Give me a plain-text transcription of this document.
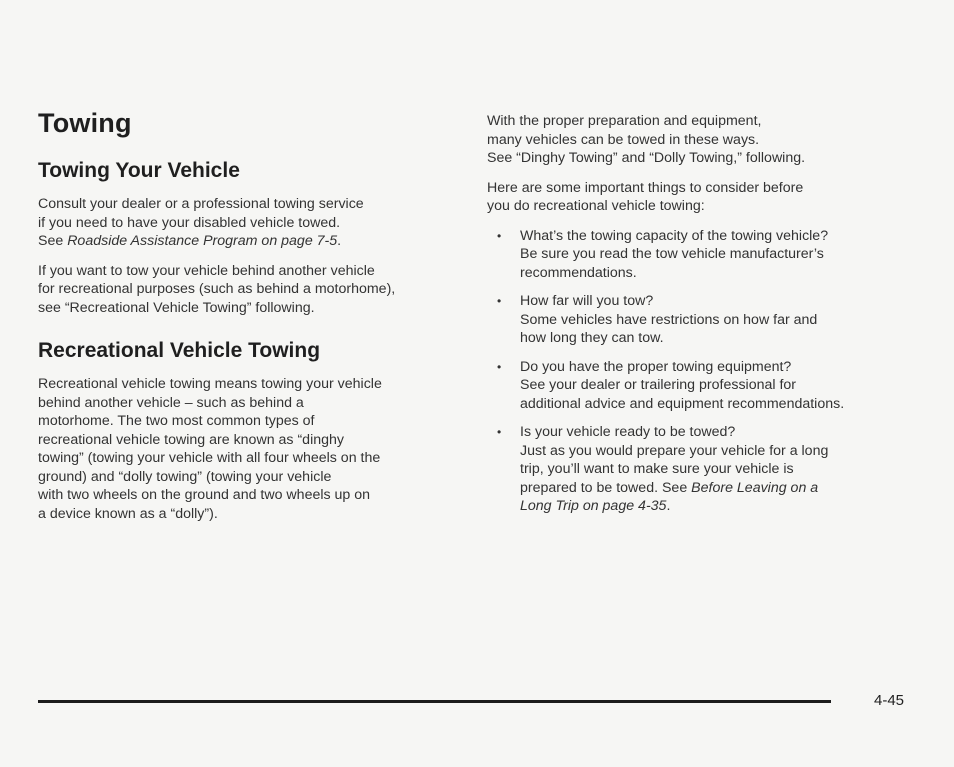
Towing
Towing Your Vehicle

Consult your dealer or a professional towing service
if you need to have your disabled vehicle towed.
See Roadside Assistance Program on page 7-5.

If you want to tow your vehicle behind another vehicle
for recreational purposes (such as behind a motorhome),
see “Recreational Vehicle Towing” following.

Recreational Vehicle Towing

Recreational vehicle towing means towing your vehicle
behind another vehicle – such as behind a
motorhome. The two most common types of
recreational vehicle towing are known as “dinghy
towing” (towing your vehicle with all four wheels on the
ground) and “dolly towing” (towing your vehicle
with two wheels on the ground and two wheels up on
a device known as a “dolly”).

With the proper preparation and equipment,
many vehicles can be towed in these ways.
See “Dinghy Towing” and “Dolly Towing,” following.

Here are some important things to consider before
you do recreational vehicle towing:

• What’s the towing capacity of the towing vehicle?
Be sure you read the tow vehicle manufacturer’s
recommendations.
• How far will you tow?
Some vehicles have restrictions on how far and
how long they can tow.
• Do you have the proper towing equipment?
See your dealer or trailering professional for
additional advice and equipment recommendations.
• Is your vehicle ready to be towed?
Just as you would prepare your vehicle for a long
trip, you’ll want to make sure your vehicle is
prepared to be towed. See Before Leaving on a
Long Trip on page 4-35.
4-45
